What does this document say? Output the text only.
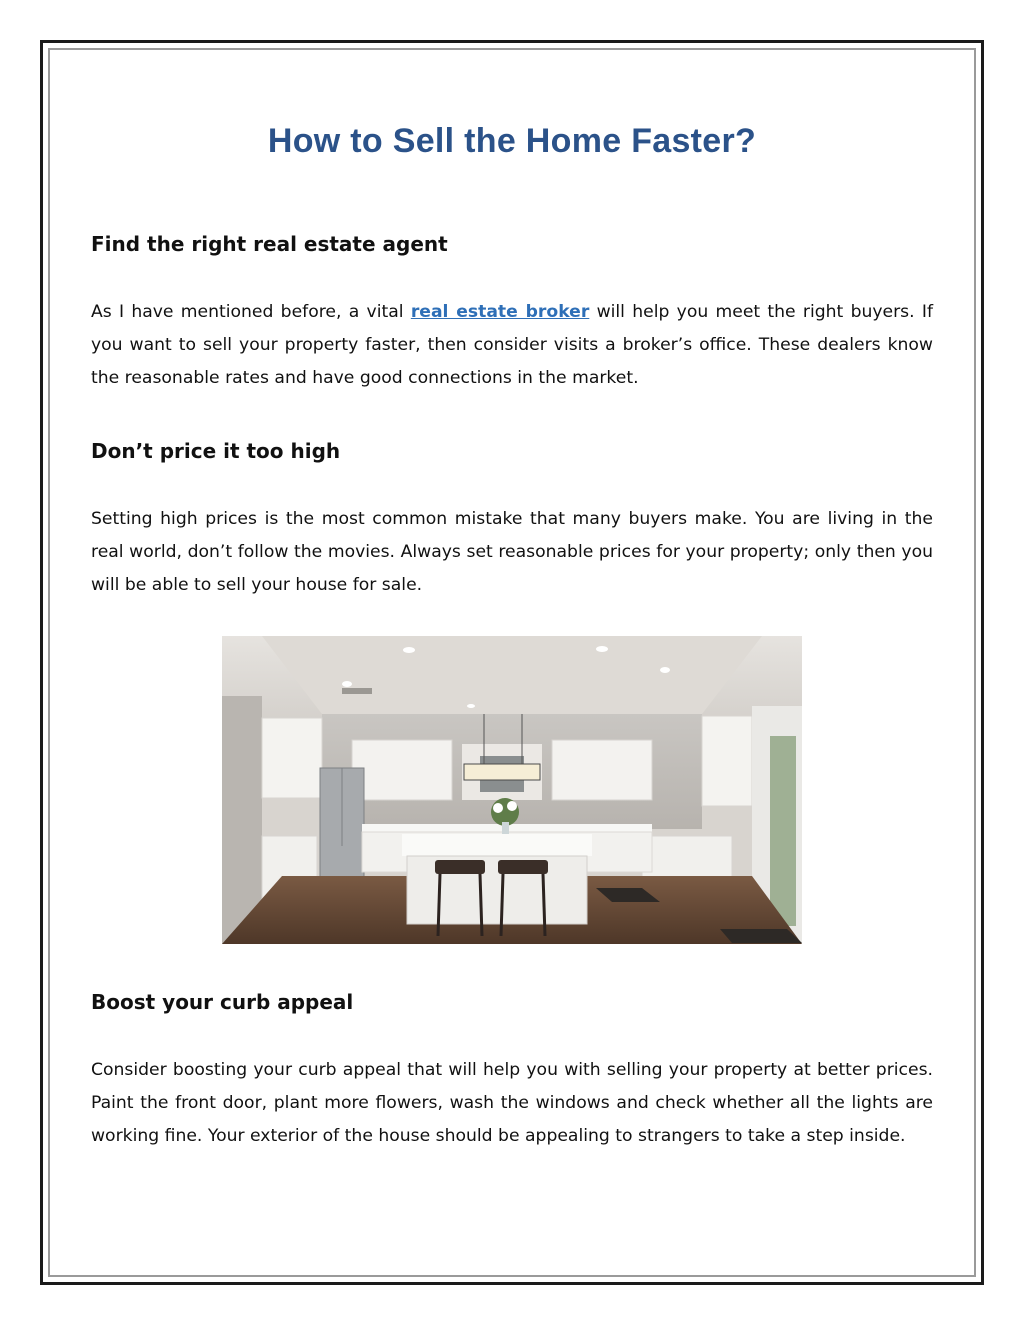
How to Sell the Home Faster?
Find the right real estate agent

As I have mentioned before, a vital real estate broker will help you meet the right buyers. If you want to sell your property faster, then consider visits a broker’s office. These dealers know the reasonable rates and have good connections in the market.

Don’t price it too high

Setting high prices is the most common mistake that many buyers make. You are living in the real world, don’t follow the movies. Always set reasonable prices for your property; only then you will be able to sell your house for sale.

Boost your curb appeal

Consider boosting your curb appeal that will help you with selling your property at better prices. Paint the front door, plant more flowers, wash the windows and check whether all the lights are working fine. Your exterior of the house should be appealing to strangers to take a step inside.
